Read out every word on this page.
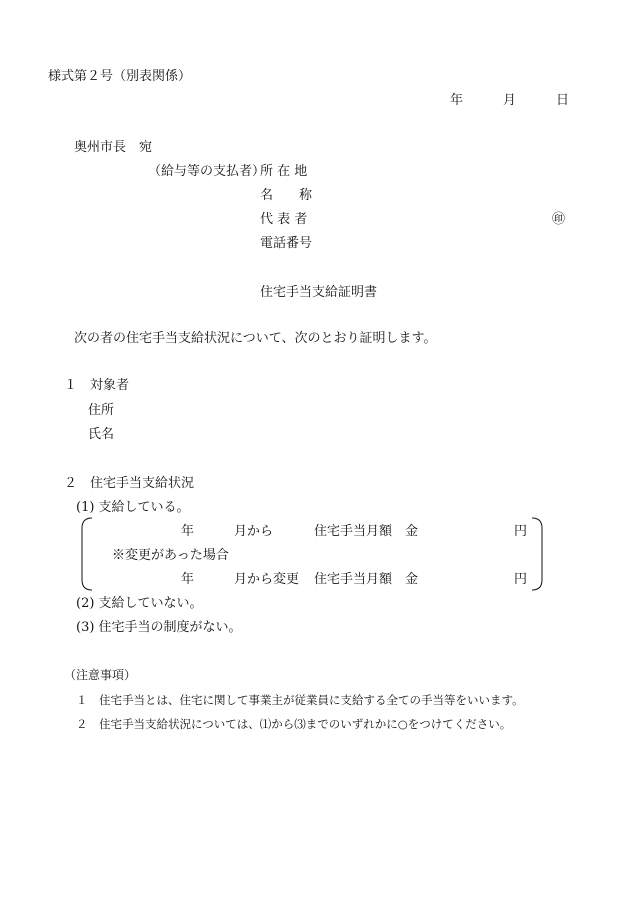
様式第２号（別表関係）
年	月	日
奥州市長　宛
（給与等の支払者）
所 在 地
名　　称
代 表 者	㊞
電話番号
住宅手当支給証明書
次の者の住宅手当支給状況について、次のとおり証明します。
１　対象者
住所
氏名
２　住宅手当支給状況
(1) 支給している。
年	月から	住宅手当月額　金	円
※変更があった場合
年	月から変更 住宅手当月額　金	円
(2) 支給していない。
(3) 住宅手当の制度がない。
（注意事項）
１　住宅手当とは、住宅に関して事業主が従業員に支給する全ての手当等をいいます。
２　住宅手当支給状況については、⑴から⑶までのいずれかに○をつけてください。
